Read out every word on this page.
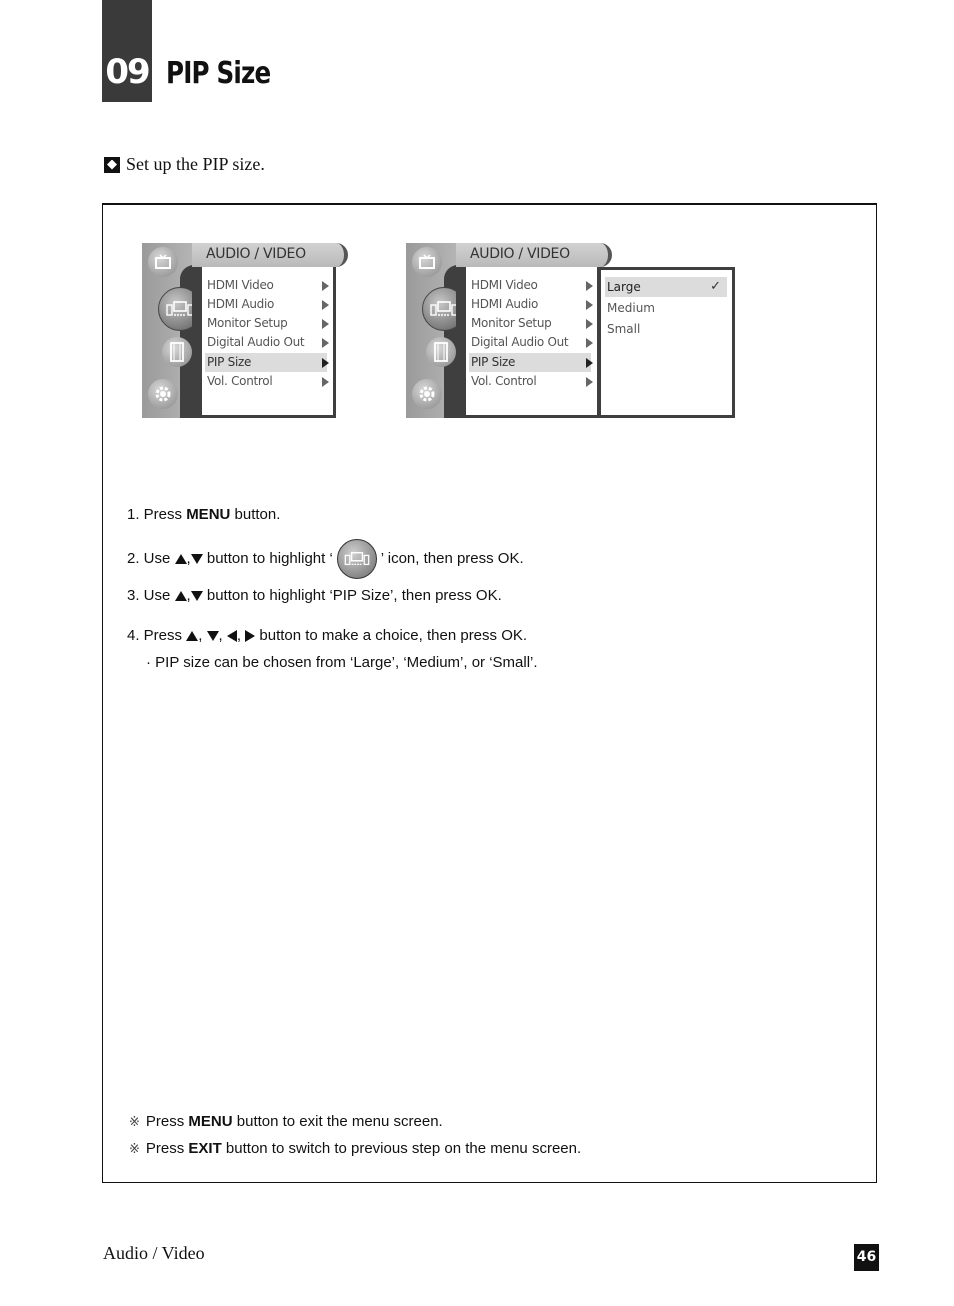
09 PIP Size
Set up the PIP size.
AUDIO / VIDEO
HDMI Video
HDMI Audio
Monitor Setup
Digital Audio Out
PIP Size
Vol. Control
AUDIO / VIDEO
HDMI Video
HDMI Audio
Monitor Setup
Digital Audio Out
PIP Size
Vol. Control
Large	✓
Medium
Small
1. Press MENU button.
2. Use , button to highlight ‘	’ icon, then press OK.
3. Use , button to highlight ‘PIP Size’, then press OK.
4. Press , , ,  button to make a choice, then press OK.
· PIP size can be chosen from ‘Large’, ‘Medium’, or ‘Small’.
※ Press MENU button to exit the menu screen.
※ Press EXIT button to switch to previous step on the menu screen.
Audio / Video	46
